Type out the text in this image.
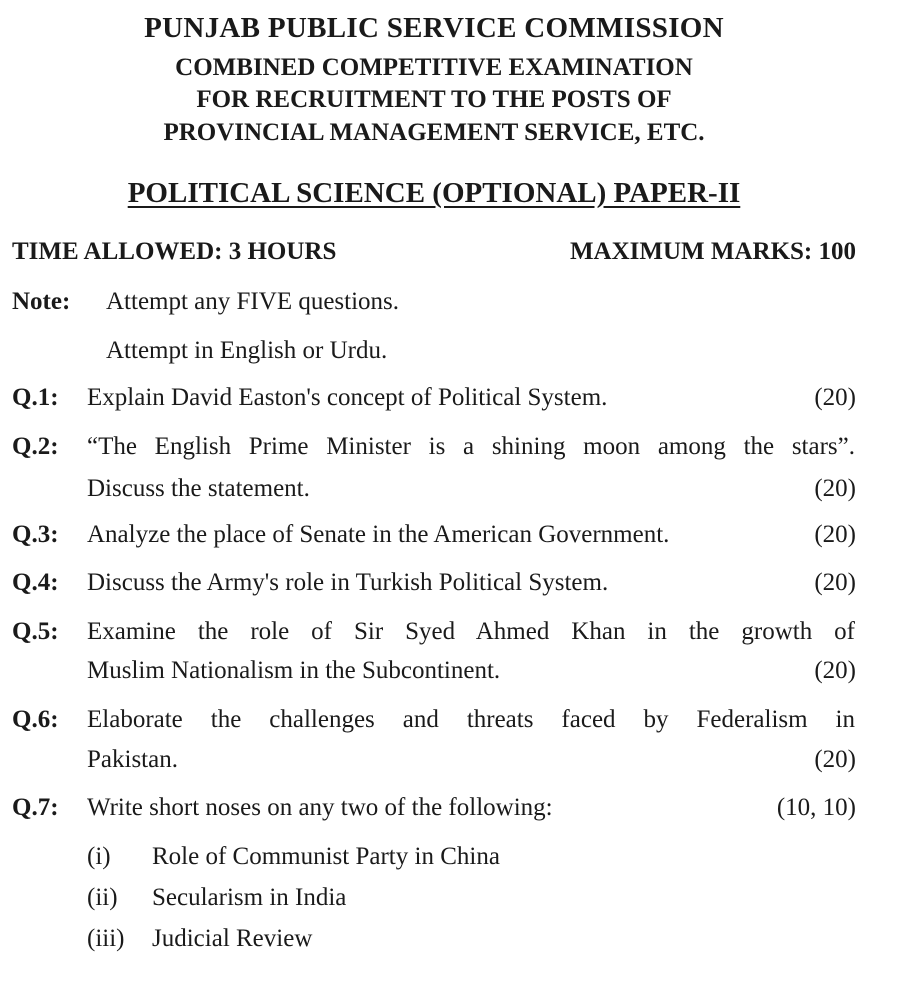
PUNJAB PUBLIC SERVICE COMMISSION
COMBINED COMPETITIVE EXAMINATION
FOR RECRUITMENT TO THE POSTS OF
PROVINCIAL MANAGEMENT SERVICE, ETC.
POLITICAL SCIENCE (OPTIONAL) PAPER-II
TIME ALLOWED: 3 HOURS	MAXIMUM MARKS: 100
Note: Attempt any FIVE questions.
Attempt in English or Urdu.
Q.1: Explain David Easton's concept of Political System.	(20)
Q.2: “The English Prime Minister is a shining moon among the stars”.
Discuss the statement.	(20)
Q.3: Analyze the place of Senate in the American Government.	(20)
Q.4: Discuss the Army's role in Turkish Political System.	(20)
Q.5: Examine the role of Sir Syed Ahmed Khan in the growth of
Muslim Nationalism in the Subcontinent.	(20)
Q.6: Elaborate the challenges and threats faced by Federalism in
Pakistan.	(20)
Q.7: Write short noses on any two of the following:	(10, 10)
(i) Role of Communist Party in China
(ii) Secularism in India
(iii) Judicial Review
